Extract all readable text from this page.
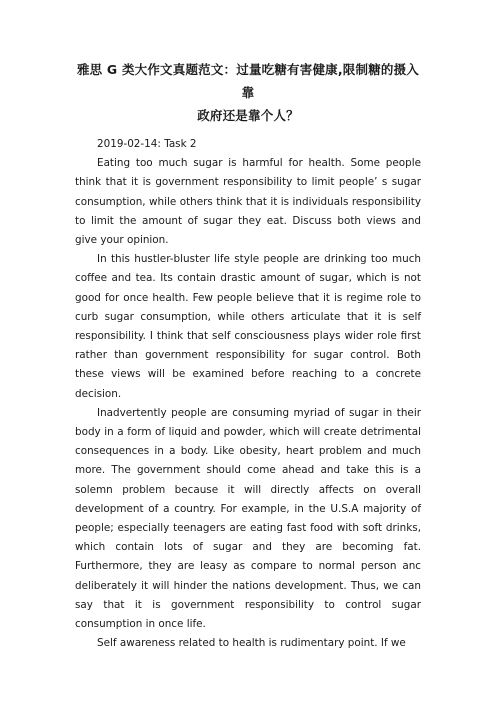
雅思 G 类大作文真题范文：过量吃糖有害健康,限制糖的摄入靠
政府还是靠个人？

2019-02-14: Task 2

Eating too much sugar is harmful for health. Some people think that it is government responsibility to limit people’ s sugar consumption, while others think that it is individuals responsibility to limit the amount of sugar they eat. Discuss both views and give your opinion.

In this hustler-bluster life style people are drinking too much coffee and tea. Its contain drastic amount of sugar, which is not good for once health. Few people believe that it is regime role to curb sugar consumption, while others articulate that it is self responsibility. I think that self consciousness plays wider role first rather than government responsibility for sugar control. Both these views will be examined before reaching to a concrete decision.

Inadvertently people are consuming myriad of sugar in their body in a form of liquid and powder, which will create detrimental consequences in a body. Like obesity, heart problem and much more. The government should come ahead and take this is a solemn problem because it will directly affects on overall development of a country. For example, in the U.S.A majority of people; especially teenagers are eating fast food with soft drinks, which contain lots of sugar and they are becoming fat. Furthermore, they are leasy as compare to normal person anc deliberately it will hinder the nations development. Thus, we can say that it is government responsibility to control sugar consumption in once life.

Self awareness related to health is rudimentary point. If we
